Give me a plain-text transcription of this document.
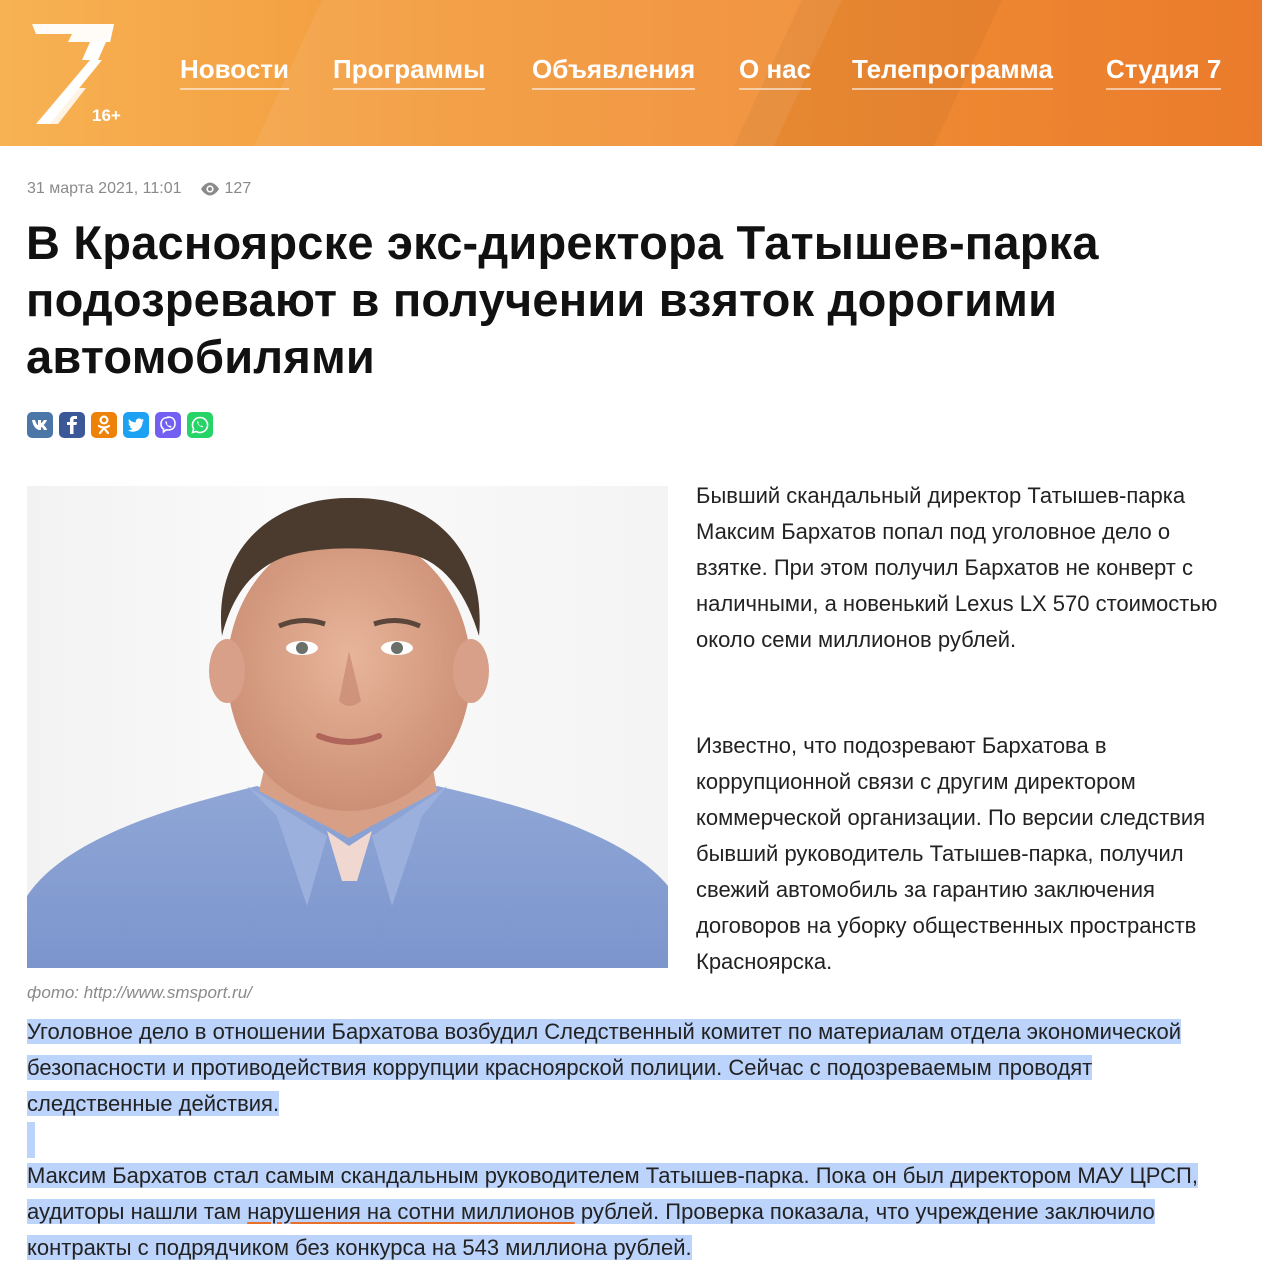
16+
Новости Программы Объявления О нас Телепрограмма Студия 7
31 марта 2021, 11:01	127
В Красноярске экс-директора Татышев-парка подозревают в получении взяток дорогими автомобилями
фото: http://www.smsport.ru/

Бывший скандальный директор Татышев-парка Максим Бархатов попал под уголовное дело о взятке. При этом получил Бархатов не конверт с наличными, а новенький Lexus LX 570 стоимостью около семи миллионов рублей.

Известно, что подозревают Бархатова в коррупционной связи с другим директором коммерческой организации. По версии следствия бывший руководитель Татышев-парка, получил свежий автомобиль за гарантию заключения договоров на уборку общественных пространств Красноярска.

Уголовное дело в отношении Бархатова возбудил Следственный комитет по материалам отдела экономической безопасности и противодействия коррупции красноярской полиции. Сейчас с подозреваемым проводят следственные действия.

Максим Бархатов стал самым скандальным руководителем Татышев-парка. Пока он был директором МАУ ЦРСП, аудиторы нашли там нарушения на сотни миллионов рублей. Проверка показала, что учреждение заключило контракты с подрядчиком без конкурса на 543 миллиона рублей.
